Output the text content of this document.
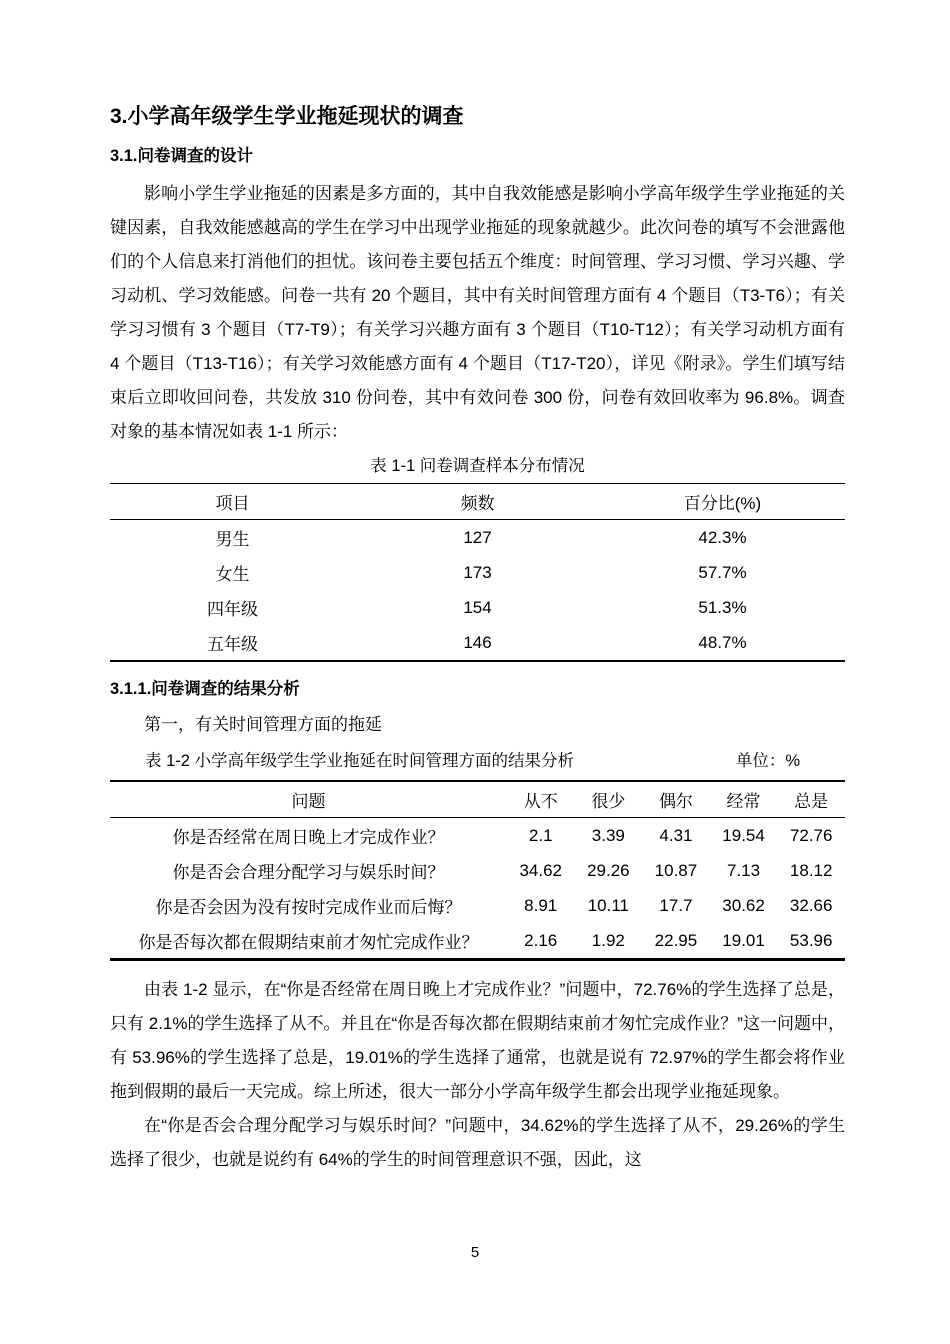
3.小学高年级学生学业拖延现状的调查
3.1.问卷调查的设计

影响小学生学业拖延的因素是多方面的，其中自我效能感是影响小学高年级学生学业拖延的关键因素，自我效能感越高的学生在学习中出现学业拖延的现象就越少。此次问卷的填写不会泄露他们的个人信息来打消他们的担忧。该问卷主要包括五个维度：时间管理、学习习惯、学习兴趣、学习动机、学习效能感。问卷一共有 20 个题目，其中有关时间管理方面有 4 个题目（T3-T6）；有关学习习惯有 3 个题目（T7-T9）；有关学习兴趣方面有 3 个题目（T10-T12）；有关学习动机方面有 4 个题目（T13-T16）；有关学习效能感方面有 4 个题目（T17-T20），详见《附录》。学生们填写结束后立即收回问卷，共发放 310 份问卷，其中有效问卷 300 份，问卷有效回收率为 96.8%。调查对象的基本情况如表 1-1 所示：

表 1-1 问卷调查样本分布情况
项目	频数	百分比(%)
男生	127	42.3%
女生	173	57.7%
四年级	154	51.3%
五年级	146	48.7%
3.1.1.问卷调查的结果分析

第一，有关时间管理方面的拖延

表 1-2 小学高年级学生学业拖延在时间管理方面的结果分析	单位：%
问题	从不	很少	偶尔	经常	总是
你是否经常在周日晚上才完成作业？	2.1	3.39	4.31	19.54	72.76
你是否会合理分配学习与娱乐时间？	34.62	29.26	10.87	7.13	18.12
你是否会因为没有按时完成作业而后悔？	8.91	10.11	17.7	30.62	32.66
你是否每次都在假期结束前才匆忙完成作业？	2.16	1.92	22.95	19.01	53.96

由表 1-2 显示，在“你是否经常在周日晚上才完成作业？”问题中，72.76%的学生选择了总是，只有 2.1%的学生选择了从不。并且在“你是否每次都在假期结束前才匆忙完成作业？”这一问题中，有 53.96%的学生选择了总是，19.01%的学生选择了通常，也就是说有 72.97%的学生都会将作业拖到假期的最后一天完成。综上所述，很大一部分小学高年级学生都会出现学业拖延现象。

在“你是否会合理分配学习与娱乐时间？”问题中，34.62%的学生选择了从不，29.26%的学生选择了很少，也就是说约有 64%的学生的时间管理意识不强，因此，这

5
